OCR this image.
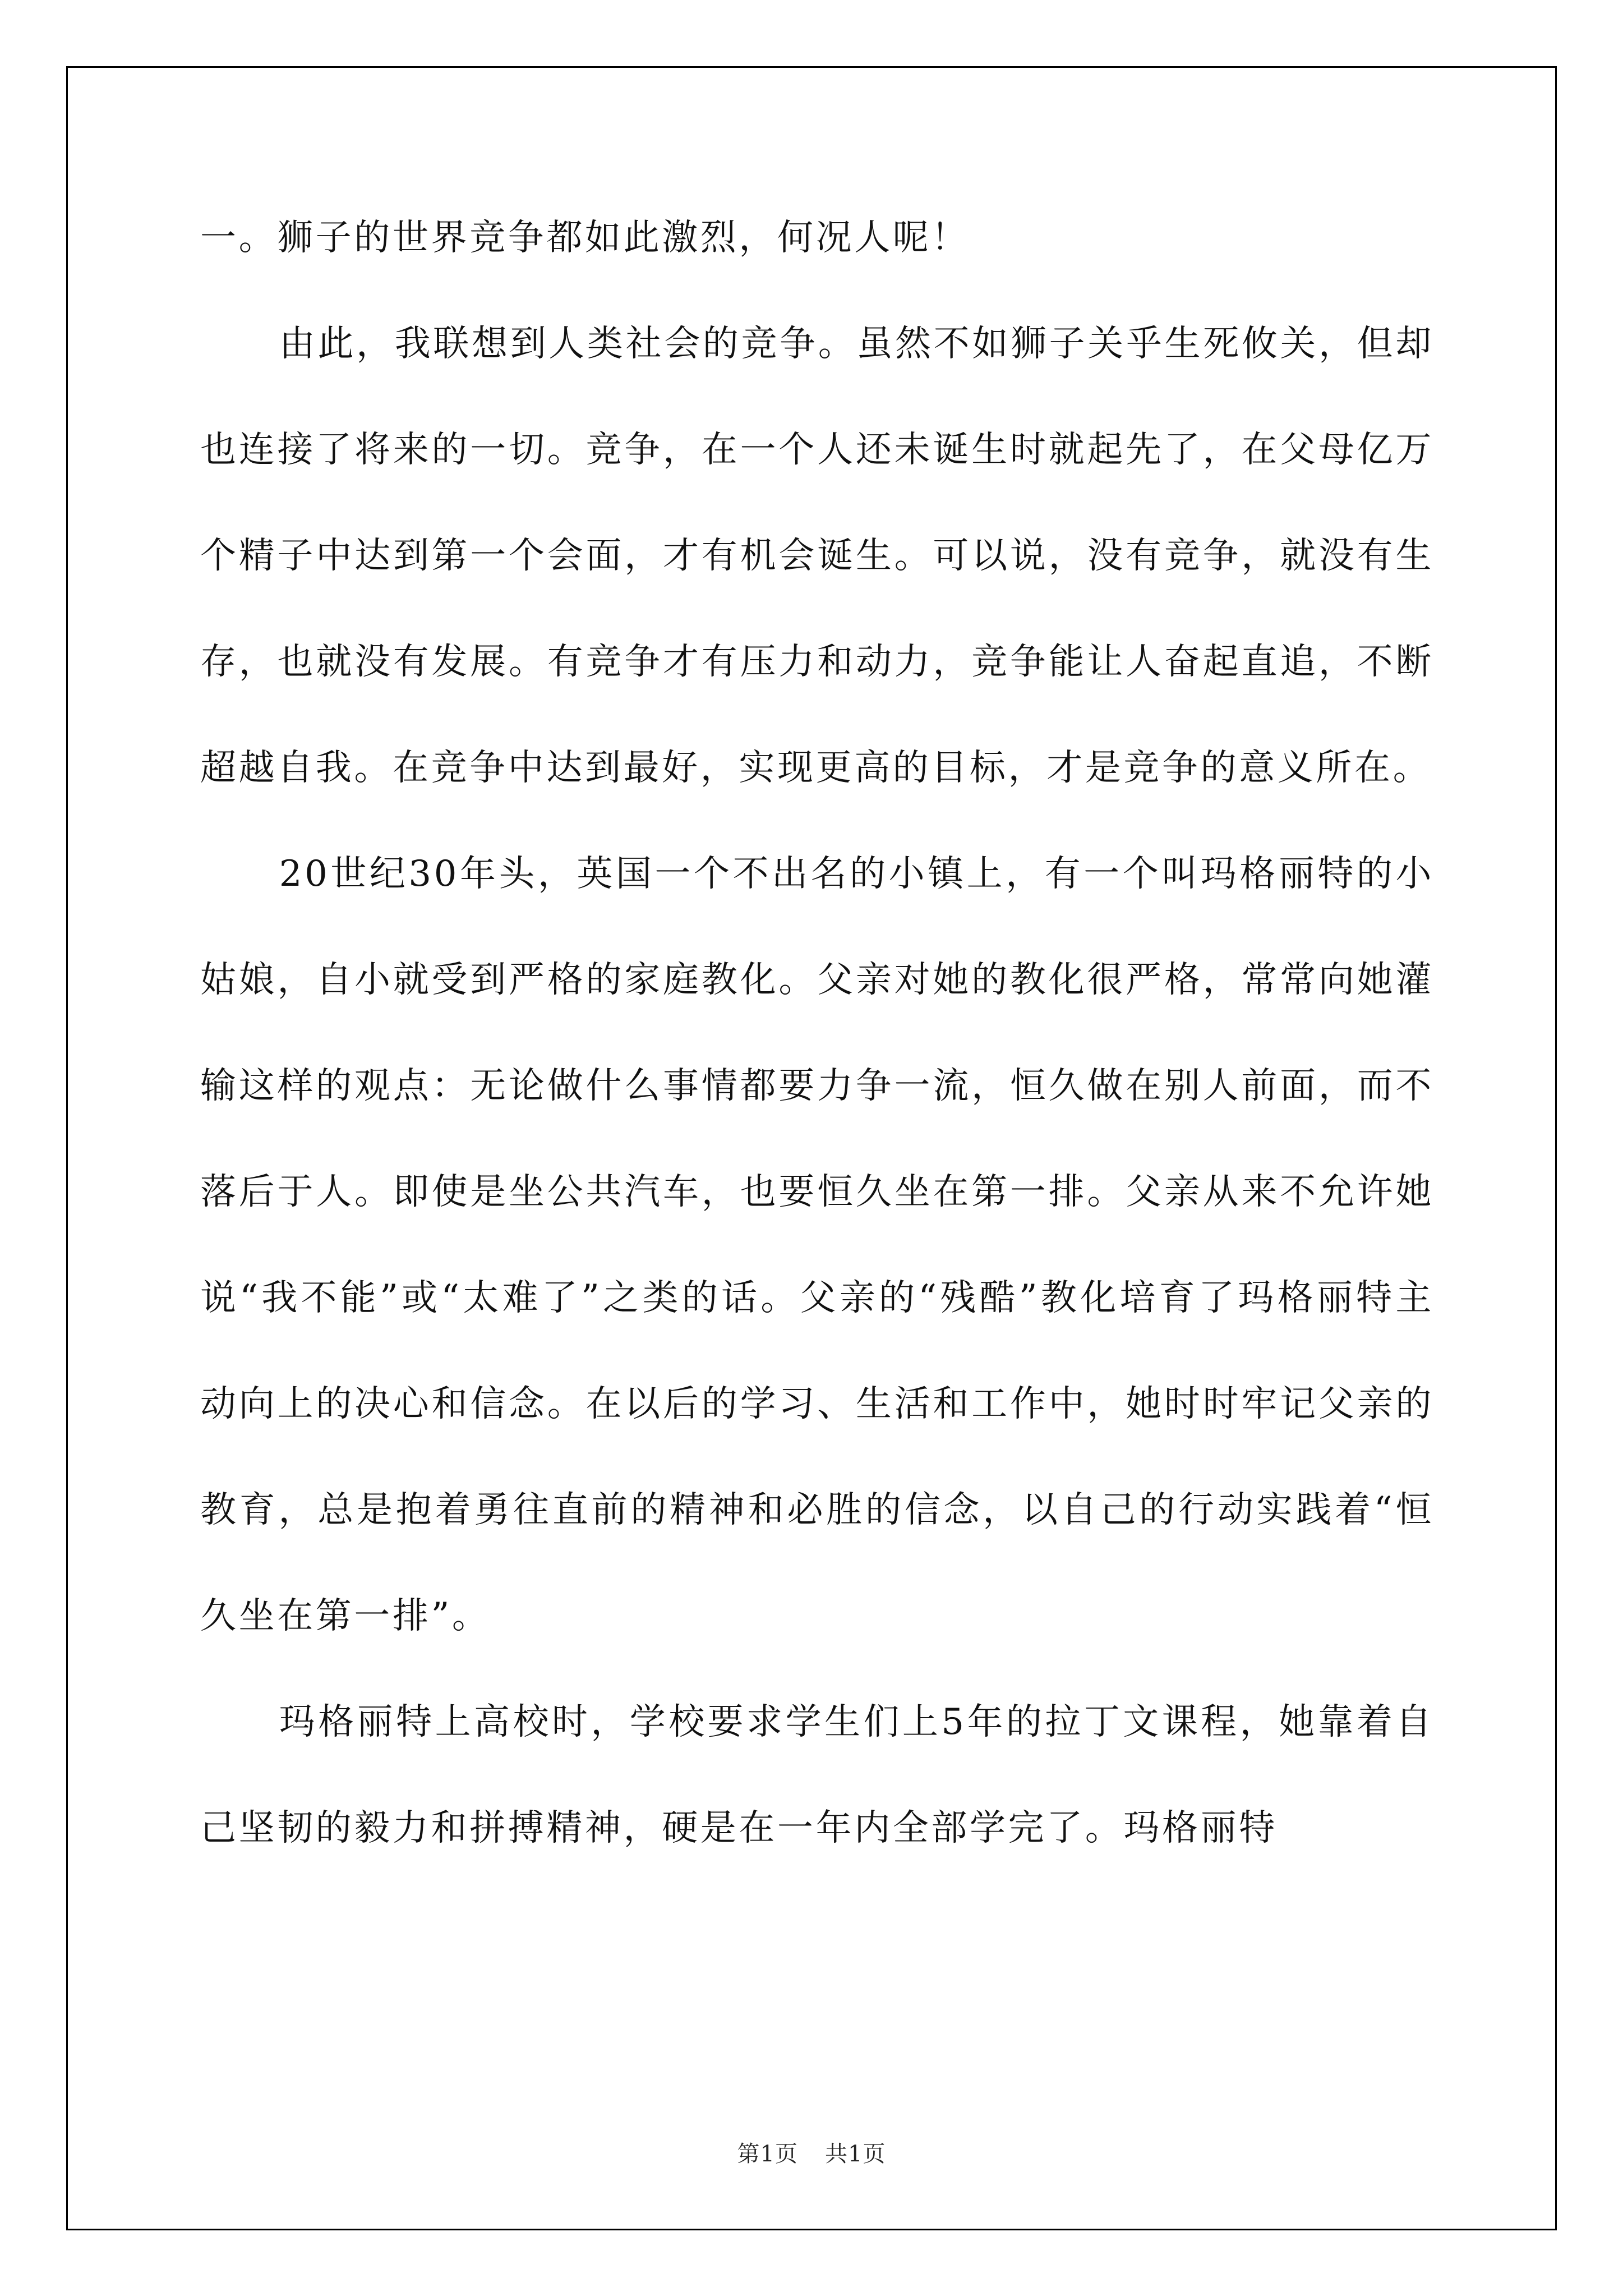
一。狮子的世界竞争都如此激烈，何况人呢！

由此，我联想到人类社会的竞争。虽然不如狮子关乎生死攸关，但却也连接了将来的一切。竞争，在一个人还未诞生时就起先了，在父母亿万个精子中达到第一个会面，才有机会诞生。可以说，没有竞争，就没有生存，也就没有发展。有竞争才有压力和动力，竞争能让人奋起直追，不断超越自我。在竞争中达到最好，实现更高的目标，才是竞争的意义所在。

20世纪30年头，英国一个不出名的小镇上，有一个叫玛格丽特的小姑娘，自小就受到严格的家庭教化。父亲对她的教化很严格，常常向她灌输这样的观点：无论做什么事情都要力争一流，恒久做在别人前面，而不落后于人。即使是坐公共汽车，也要恒久坐在第一排。父亲从来不允许她说“我不能”或“太难了”之类的话。父亲的“残酷”教化培育了玛格丽特主动向上的决心和信念。在以后的学习、生活和工作中，她时时牢记父亲的教育，总是抱着勇往直前的精神和必胜的信念，以自己的行动实践着“恒久坐在第一排”。

玛格丽特上高校时，学校要求学生们上5年的拉丁文课程，她靠着自己坚韧的毅力和拼搏精神，硬是在一年内全部学完了。玛格丽特

第1页 共1页
